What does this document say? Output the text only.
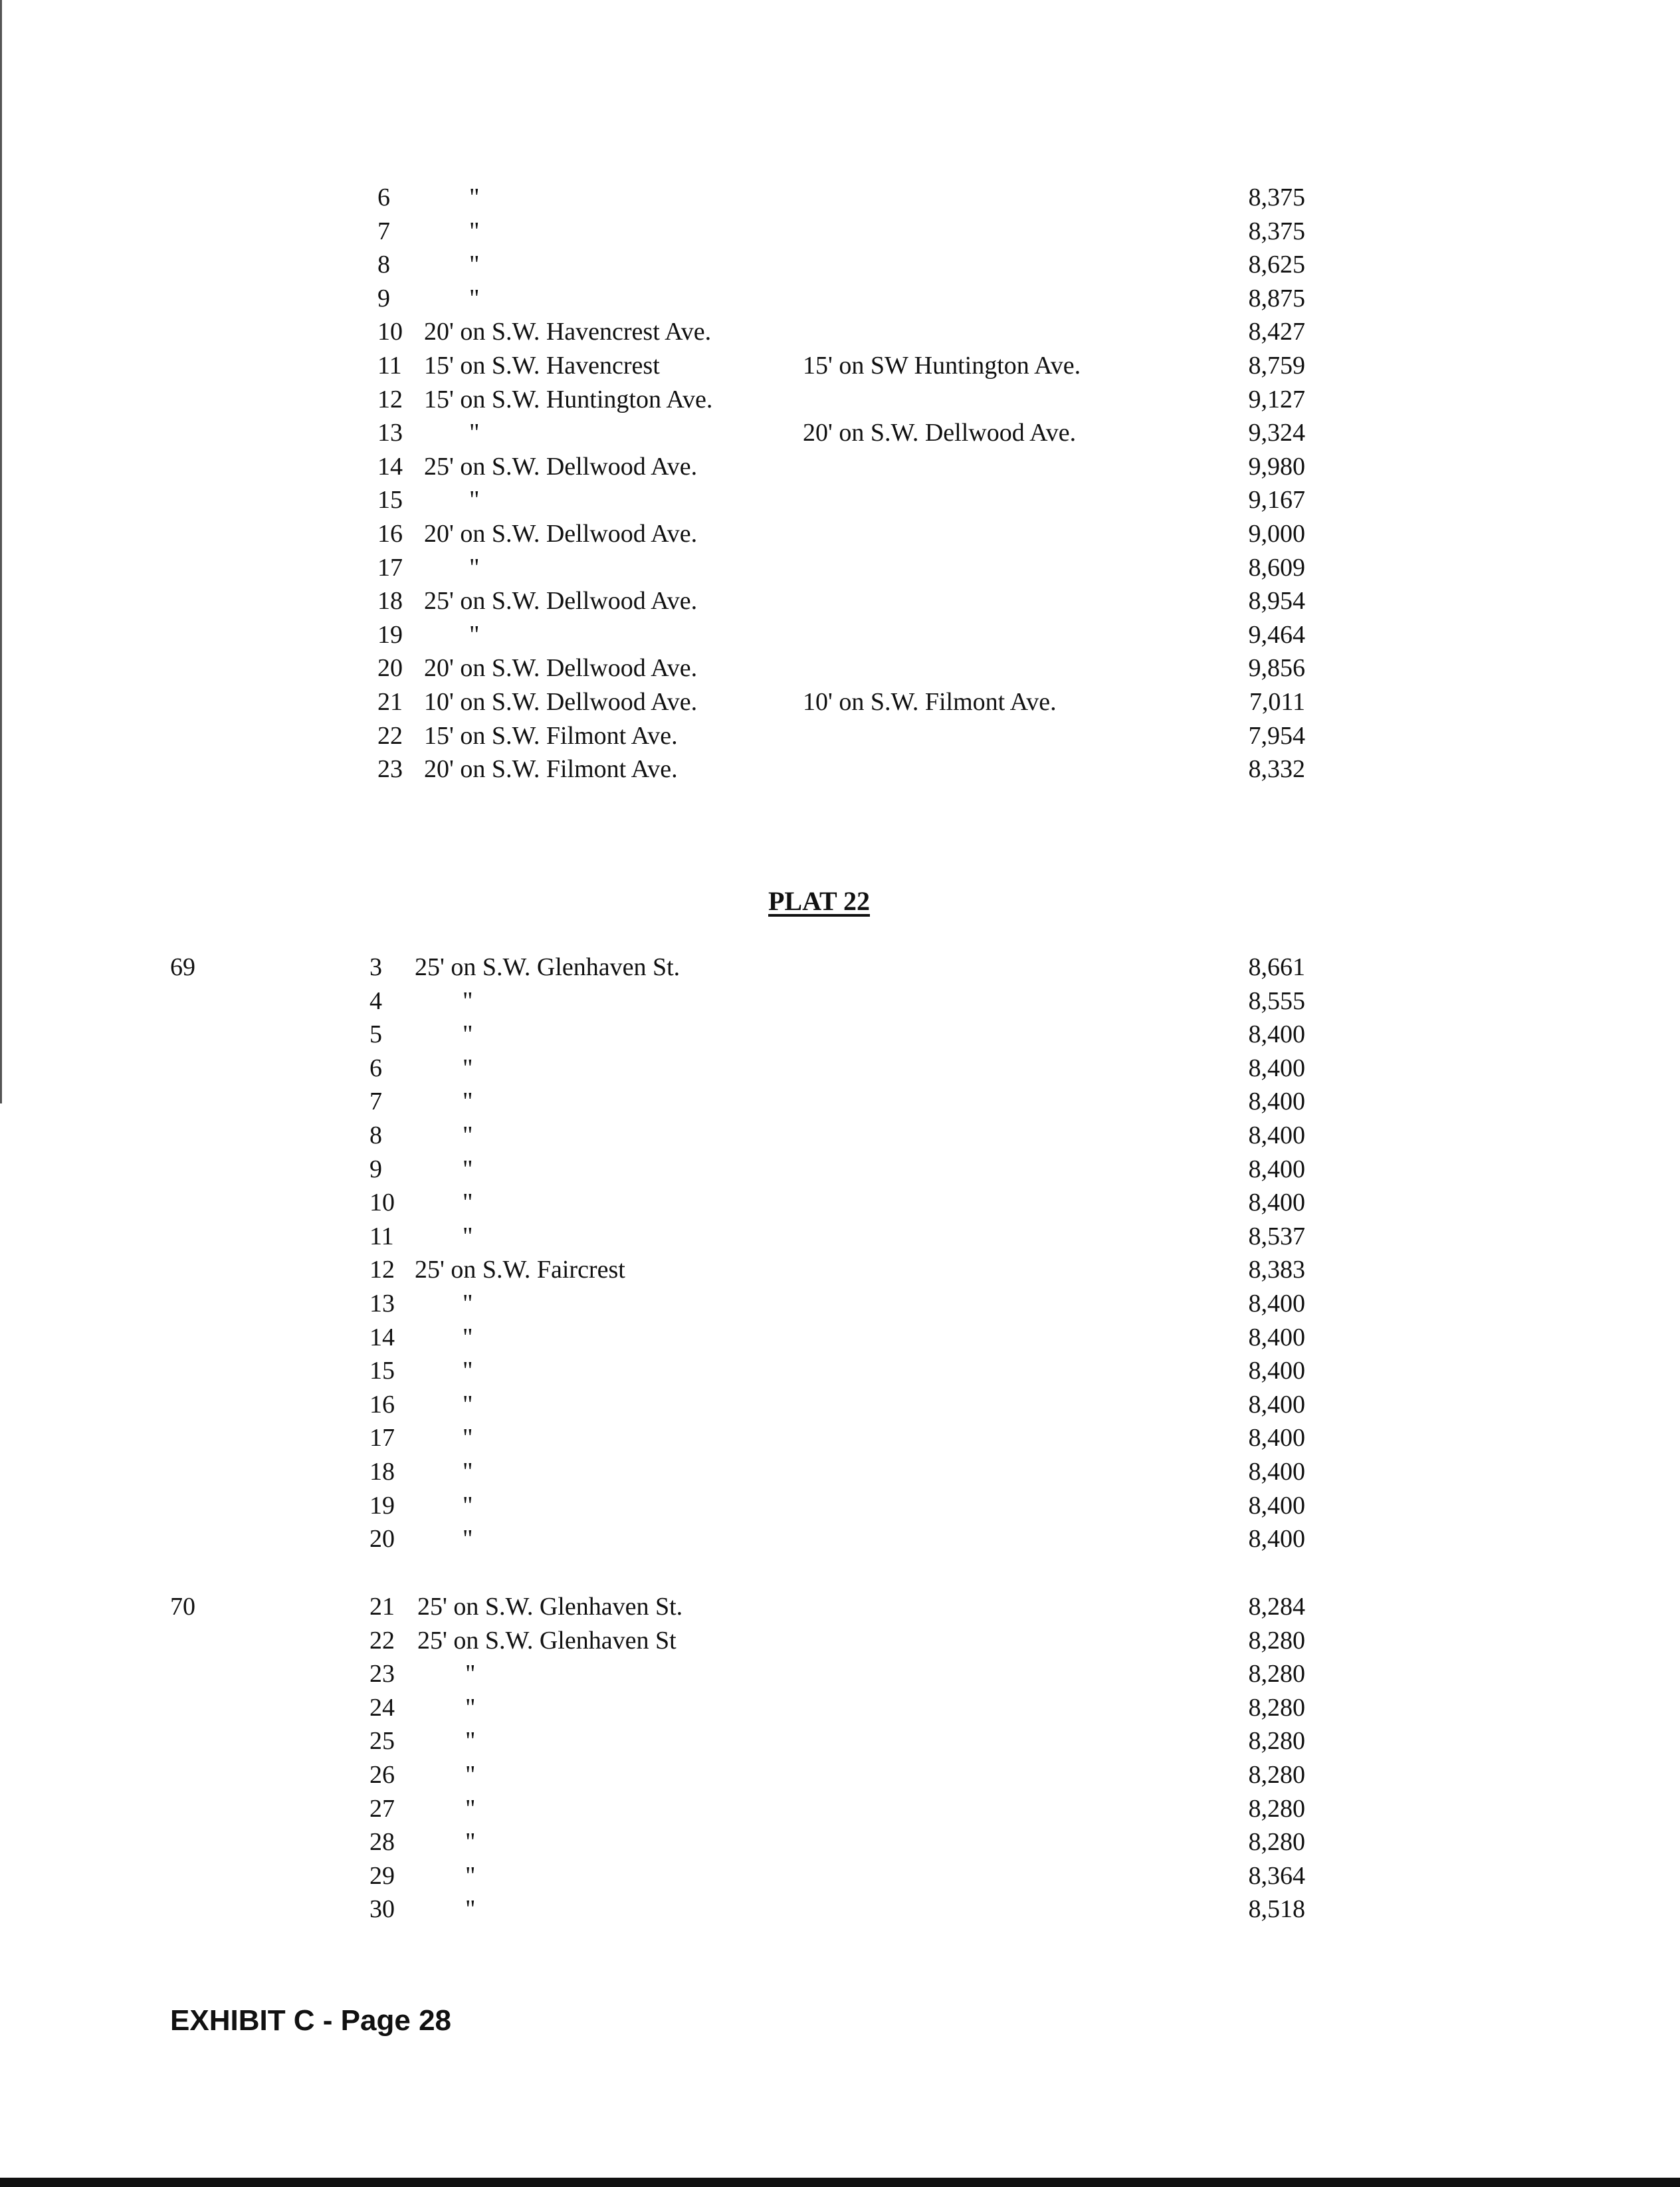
6	"	8,375
7	"	8,375
8	"	8,625
9	"	8,875
10 20' on S.W. Havencrest Ave.	8,427
11 15' on S.W. Havencrest	15' on SW Huntington Ave.	8,759
12 15' on S.W. Huntington Ave.	9,127
13	"	20' on S.W. Dellwood Ave.	9,324
14 25' on S.W. Dellwood Ave.	9,980
15	"	9,167
16 20' on S.W. Dellwood Ave.	9,000
17	"	8,609
18 25' on S.W. Dellwood Ave.	8,954
19	"	9,464
20 20' on S.W. Dellwood Ave.	9,856
21 10' on S.W. Dellwood Ave.	10' on S.W. Filmont Ave.	7,011
22 15' on S.W. Filmont Ave.	7,954
23 20' on S.W. Filmont Ave.	8,332
PLAT 22
69	3 25' on S.W. Glenhaven St.	8,661
4	"	8,555
5	"	8,400
6	"	8,400
7	"	8,400
8	"	8,400
9	"	8,400
10	"	8,400
11	"	8,537
12 25' on S.W. Faircrest	8,383
13	"	8,400
14	"	8,400
15	"	8,400
16	"	8,400
17	"	8,400
18	"	8,400
19	"	8,400
20	"	8,400
70	21 25' on S.W. Glenhaven St.	8,284
22 25' on S.W. Glenhaven St	8,280
23	"	8,280
24	"	8,280
25	"	8,280
26	"	8,280
27	"	8,280
28	"	8,280
29	"	8,364
30	"	8,518
EXHIBIT C - Page 28
